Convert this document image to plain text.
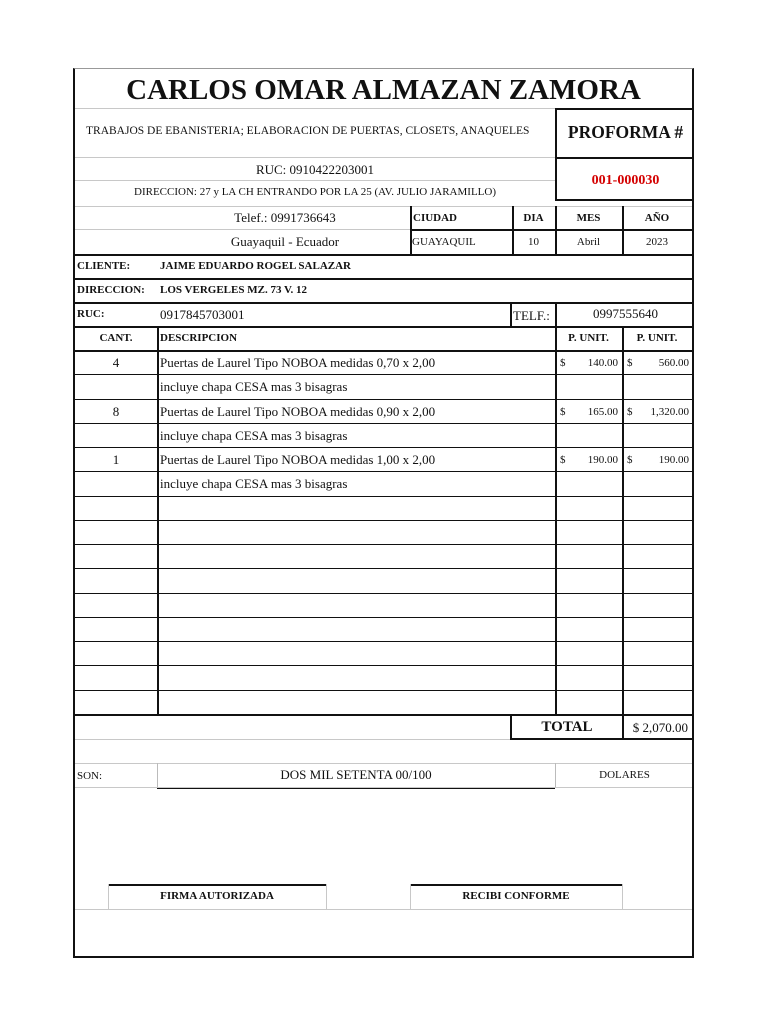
CARLOS OMAR ALMAZAN ZAMORA
TRABAJOS DE EBANISTERIA; ELABORACION DE PUERTAS, CLOSETS, ANAQUELES	PROFORMA #
001-000030
RUC: 0910422203001
DIRECCION: 27 y LA CH ENTRANDO POR LA 25 (AV. JULIO JARAMILLO)
Telef.: 0991736643
Guayaquil - Ecuador
CIUDAD	DIA	MES	AÑO
GUAYAQUIL	10	Abril	2023
CLIENTE:	JAIME EDUARDO ROGEL SALAZAR
DIRECCION: LOS VERGELES MZ. 73 V. 12
RUC:	0917845703001	TELF.:	0997555640
CANT.	DESCRIPCION	P. UNIT.	P. UNIT.
4	Puertas de Laurel Tipo NOBOA medidas 0,70 x 2,00	$	140.00 $	560.00
incluye chapa CESA mas 3 bisagras
8	Puertas de Laurel Tipo NOBOA medidas 0,90 x 2,00	$	165.00 $	1,320.00
incluye chapa CESA mas 3 bisagras
1	Puertas de Laurel Tipo NOBOA medidas 1,00 x 2,00	$	190.00 $	190.00
incluye chapa CESA mas 3 bisagras
TOTAL	$ 2,070.00
SON:	DOS MIL SETENTA 00/100	DOLARES
FIRMA AUTORIZADA	RECIBI CONFORME
